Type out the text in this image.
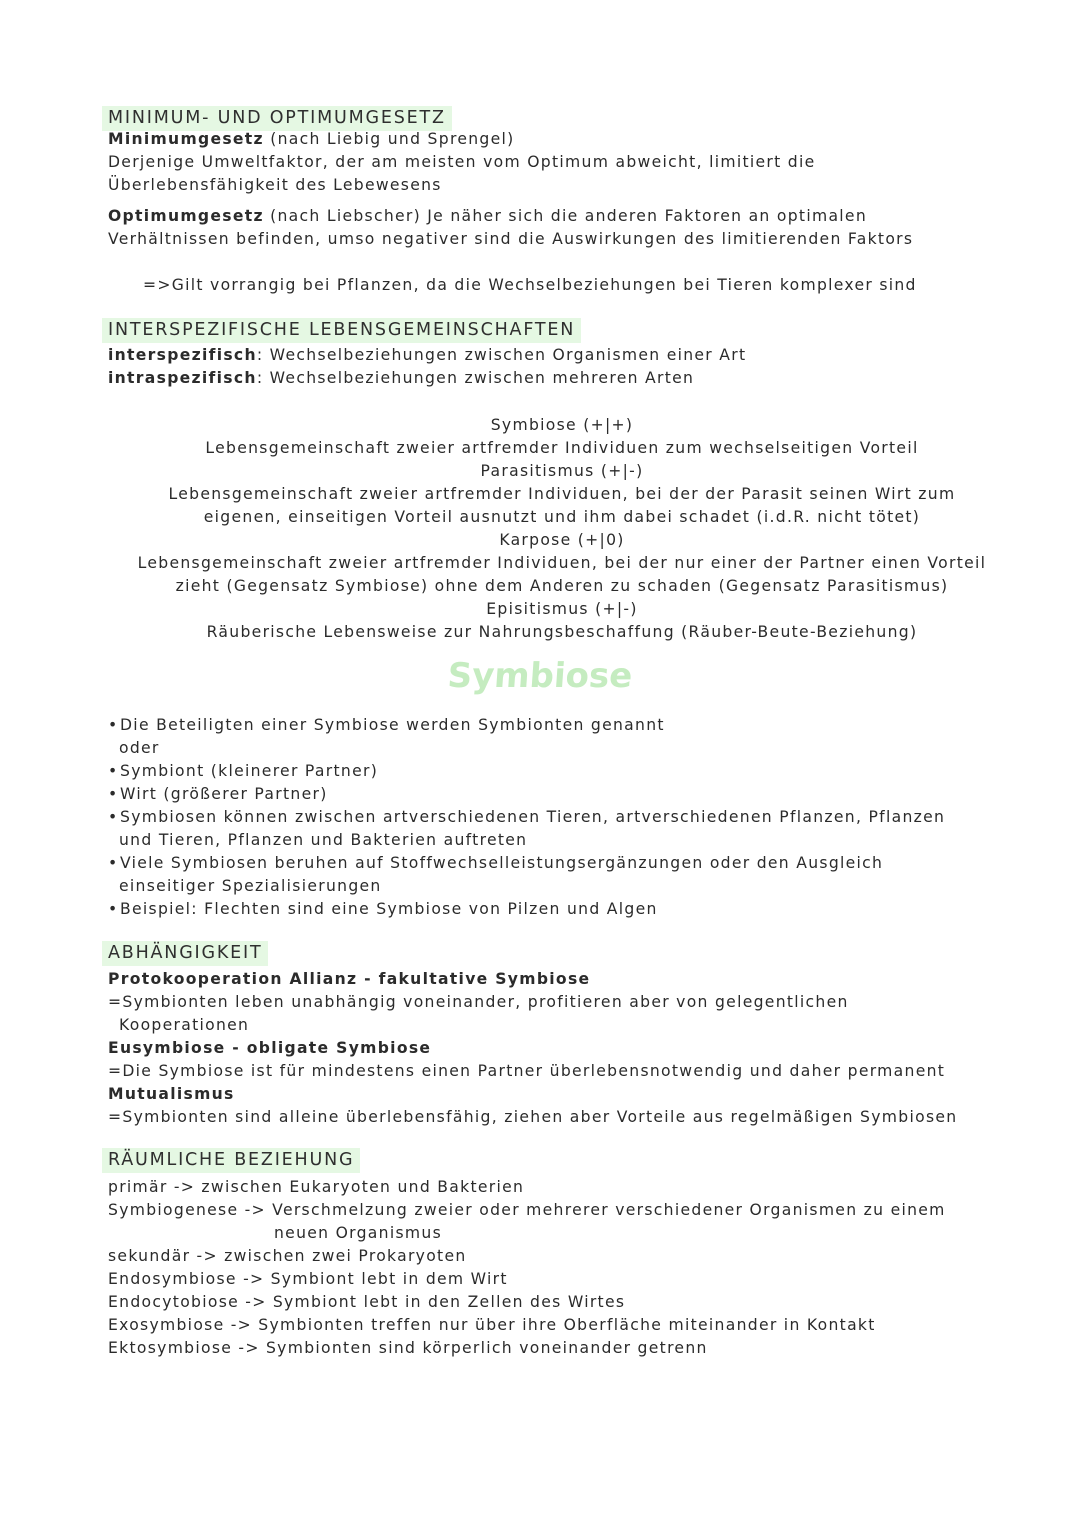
MINIMUM- UND OPTIMUMGESETZ
Minimumgesetz (nach Liebig und Sprengel)
Derjenige Umweltfaktor, der am meisten vom Optimum abweicht, limitiert die
Überlebensfähigkeit des Lebewesens
Optimumgesetz (nach Liebscher) Je näher sich die anderen Faktoren an optimalen
Verhältnissen befinden, umso negativer sind die Auswirkungen des limitierenden Faktors
=>Gilt vorrangig bei Pflanzen, da die Wechselbeziehungen bei Tieren komplexer sind
INTERSPEZIFISCHE LEBENSGEMEINSCHAFTEN
interspezifisch: Wechselbeziehungen zwischen Organismen einer Art
intraspezifisch: Wechselbeziehungen zwischen mehreren Arten
Symbiose (+|+)
Lebensgemeinschaft zweier artfremder Individuen zum wechselseitigen Vorteil
Parasitismus (+|-)
Lebensgemeinschaft zweier artfremder Individuen, bei der der Parasit seinen Wirt zum
eigenen, einseitigen Vorteil ausnutzt und ihm dabei schadet (i.d.R. nicht tötet)
Karpose (+|0)
Lebensgemeinschaft zweier artfremder Individuen, bei der nur einer der Partner einen Vorteil
zieht (Gegensatz Symbiose) ohne dem Anderen zu schaden (Gegensatz Parasitismus)
Episitismus (+|-)
Räuberische Lebensweise zur Nahrungsbeschaffung (Räuber-Beute-Beziehung)
Symbiose
•Die Beteiligten einer Symbiose werden Symbionten genannt
oder
•Symbiont (kleinerer Partner)
•Wirt (größerer Partner)
•Symbiosen können zwischen artverschiedenen Tieren, artverschiedenen Pflanzen, Pflanzen
und Tieren, Pflanzen und Bakterien auftreten
•Viele Symbiosen beruhen auf Stoffwechselleistungsergänzungen oder den Ausgleich
einseitiger Spezialisierungen
•Beispiel: Flechten sind eine Symbiose von Pilzen und Algen
ABHÄNGIGKEIT
Protokooperation Allianz - fakultative Symbiose
=Symbionten leben unabhängig voneinander, profitieren aber von gelegentlichen
Kooperationen
Eusymbiose - obligate Symbiose
=Die Symbiose ist für mindestens einen Partner überlebensnotwendig und daher permanent
Mutualismus
=Symbionten sind alleine überlebensfähig, ziehen aber Vorteile aus regelmäßigen Symbiosen
RÄUMLICHE BEZIEHUNG
primär -> zwischen Eukaryoten und Bakterien
Symbiogenese -> Verschmelzung zweier oder mehrerer verschiedener Organismen zu einem
neuen Organismus
sekundär -> zwischen zwei Prokaryoten
Endosymbiose -> Symbiont lebt in dem Wirt
Endocytobiose -> Symbiont lebt in den Zellen des Wirtes
Exosymbiose -> Symbionten treffen nur über ihre Oberfläche miteinander in Kontakt
Ektosymbiose -> Symbionten sind körperlich voneinander getrenn
